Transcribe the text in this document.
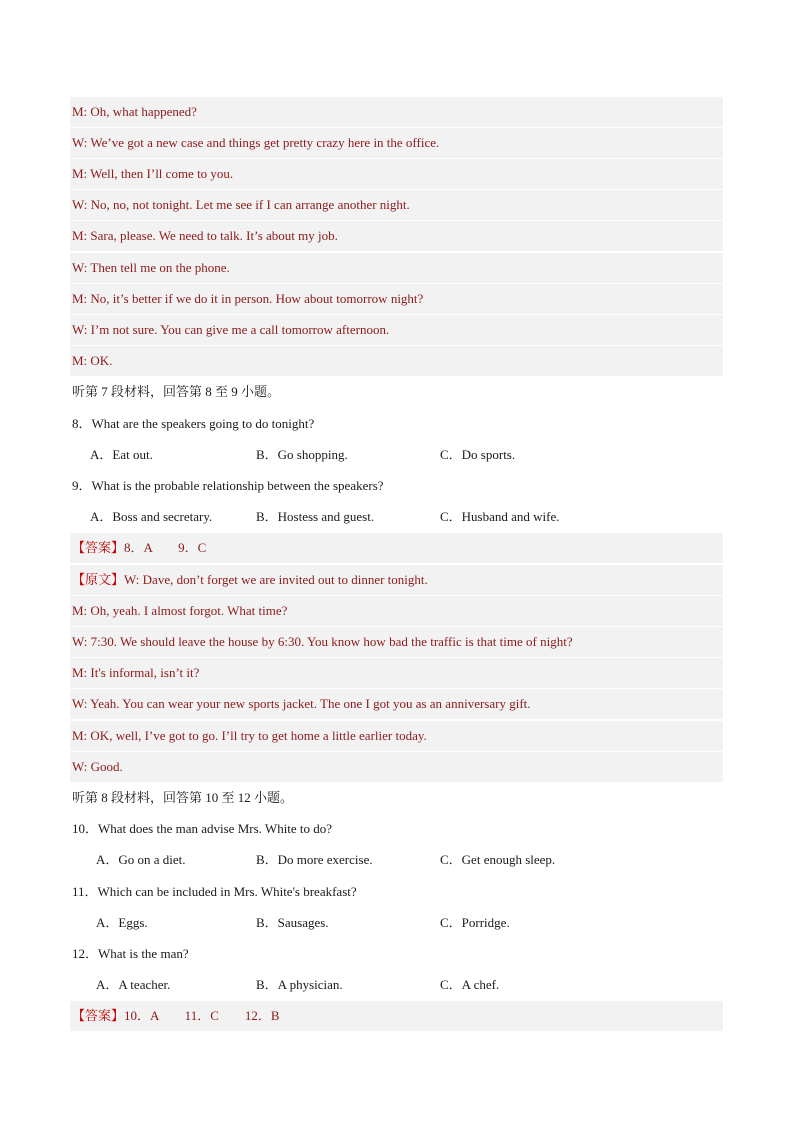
M: Oh, what happened?
W: We’ve got a new case and things get pretty crazy here in the office.
M: Well, then I’ll come to you.
W: No, no, not tonight. Let me see if I can arrange another night.
M: Sara, please. We need to talk. It’s about my job.
W: Then tell me on the phone.
M: No, it’s better if we do it in person. How about tomorrow night?
W: I’m not sure. You can give me a call tomorrow afternoon.
M: OK.
听第 7 段材料，回答第 8 至 9 小题。
8．What are the speakers going to do tonight?
A．Eat out.	B．Go shopping.	C．Do sports.
9．What is the probable relationship between the speakers?
A．Boss and secretary.	B．Hostess and guest.	C．Husband and wife.
【答案】8．A　　9．C
【原文】W: Dave, don’t forget we are invited out to dinner tonight.
M: Oh, yeah. I almost forgot. What time?
W: 7:30. We should leave the house by 6:30. You know how bad the traffic is that time of night?
M: It's informal, isn’t it?
W: Yeah. You can wear your new sports jacket. The one I got you as an anniversary gift.
M: OK, well, I’ve got to go. I’ll try to get home a little earlier today.
W: Good.
听第 8 段材料，回答第 10 至 12 小题。
10．What does the man advise Mrs. White to do?
A．Go on a diet.	B．Do more exercise.	C．Get enough sleep.
11．Which can be included in Mrs. White's breakfast?
A．Eggs.	B．Sausages.	C．Porridge.
12．What is the man?
A．A teacher.	B．A physician.	C．A chef.
【答案】10．A　　11．C　　12．B
